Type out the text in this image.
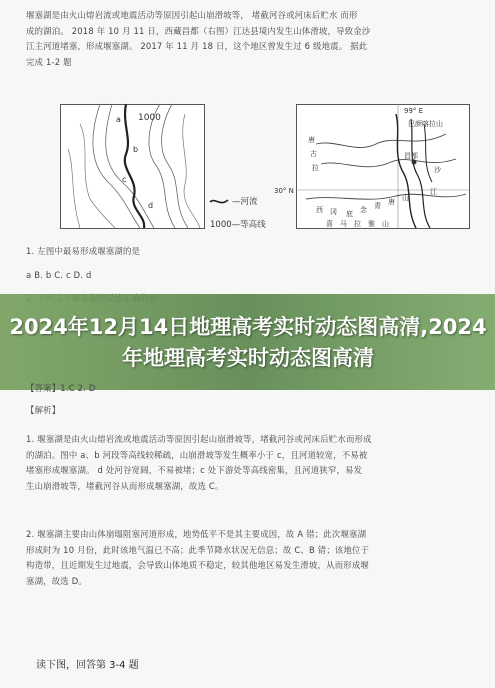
堰塞湖是由火山熔岩流或地震活动等原因引起山崩滑坡等， 堵截河谷或河床后贮水 而形
成的湖泊。 2018 年 10 月 11 日，西藏昌都（右图）江达县境内发生山体滑坡，导致金沙
江主河道堵塞，形成堰塞湖。 2017 年 11 月 18 日，这个地区曾发生过 6 级地震。 据此
完成 1-2 题
1000
a
b
c
d	—河流
1000—等高线
99° E
30° N
巴颜喀拉山
唐
古
拉
昌都
沙
江
西 冈 底 念 青 唐 山
喜 马 拉 雅 山
1. 左图中最易形成堰塞湖的是
a B. b C. c D. d
2024年12月14日地理高考实时动态图高清,2024年地理高考实时动态图高清
【答案】1.C 2. D
【解析】
1. 堰塞湖是由火山熔岩流或地震活动等原因引起山崩滑坡等，堵截河谷或河床后贮水而形成
的湖泊。图中 a、b 河段等高线较稀疏，山崩滑坡等发生概率小于 c，且河道较宽，不易被
堵塞形成堰塞湖。 d 处河谷宽阔，不易被堵；c 处下游处等高线密集，且河道狭窄，易发
生山崩滑坡等，堵截河谷从而形成堰塞湖，故选 C。
2. 堰塞湖主要由山体崩塌阻塞河道形成，地势低平不是其主要成因，故 A 错；此次堰塞湖
形成时为 10 月份，此时该地气温已不高；此季节降水状况无信息；故 C、B 错；该地位于
构造带，且近期发生过地震，会导致山体地质不稳定，较其他地区易发生滑坡，从而形成堰
塞湖，故选 D。
读下图，回答第 3-4 题
